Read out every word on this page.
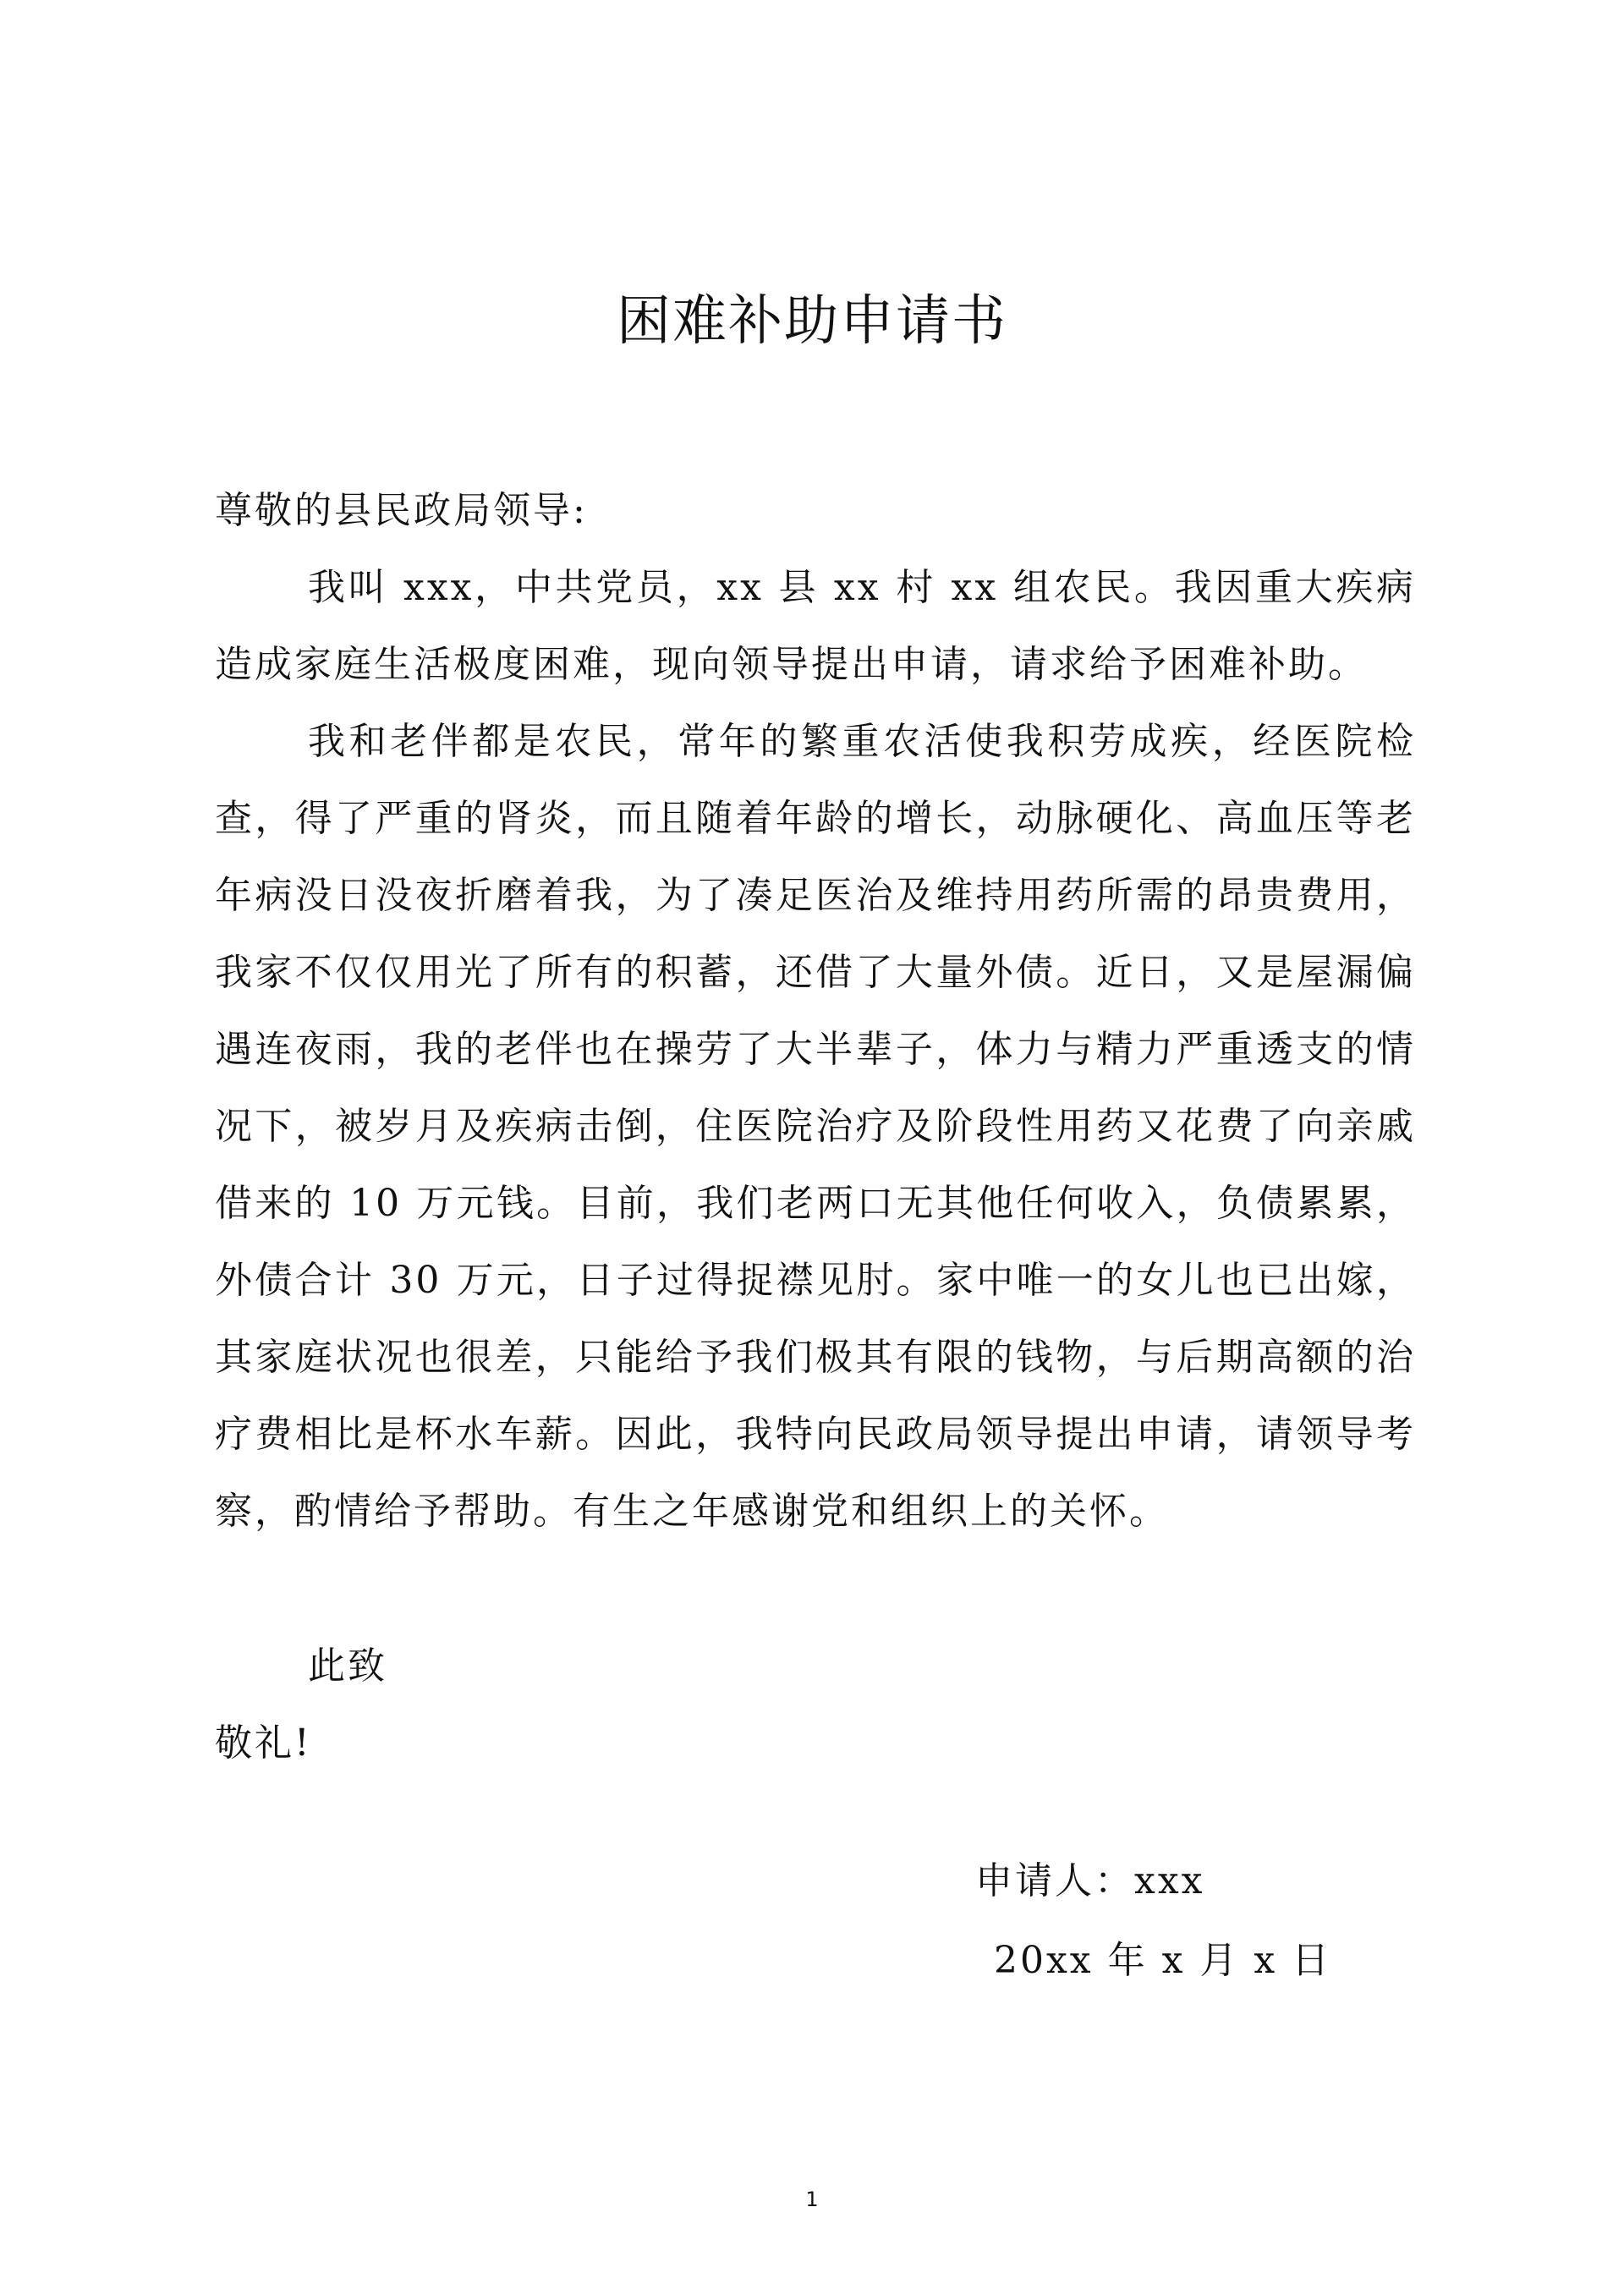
困难补助申请书
尊敬的县民政局领导:
我叫 xxx，中共党员，xx 县 xx 村 xx 组农民。我因重大疾病造成家庭生活极度困难，现向领导提出申请，请求给予困难补助。
我和老伴都是农民，常年的繁重农活使我积劳成疾，经医院检查，得了严重的肾炎，而且随着年龄的增长，动脉硬化、高血压等老年病没日没夜折磨着我，为了凑足医治及维持用药所需的昂贵费用，我家不仅仅用光了所有的积蓄，还借了大量外债。近日，又是屋漏偏遇连夜雨，我的老伴也在操劳了大半辈子，体力与精力严重透支的情况下，被岁月及疾病击倒，住医院治疗及阶段性用药又花费了向亲戚借来的 10 万元钱。目前，我们老两口无其他任何收入，负债累累，外债合计 30 万元，日子过得捉襟见肘。家中唯一的女儿也已出嫁，其家庭状况也很差，只能给予我们极其有限的钱物，与后期高额的治疗费相比是杯水车薪。因此，我特向民政局领导提出申请，请领导考察，酌情给予帮助。有生之年感谢党和组织上的关怀。
此致
敬礼!
申请人：xxx
20xx 年 x 月 x 日
1
